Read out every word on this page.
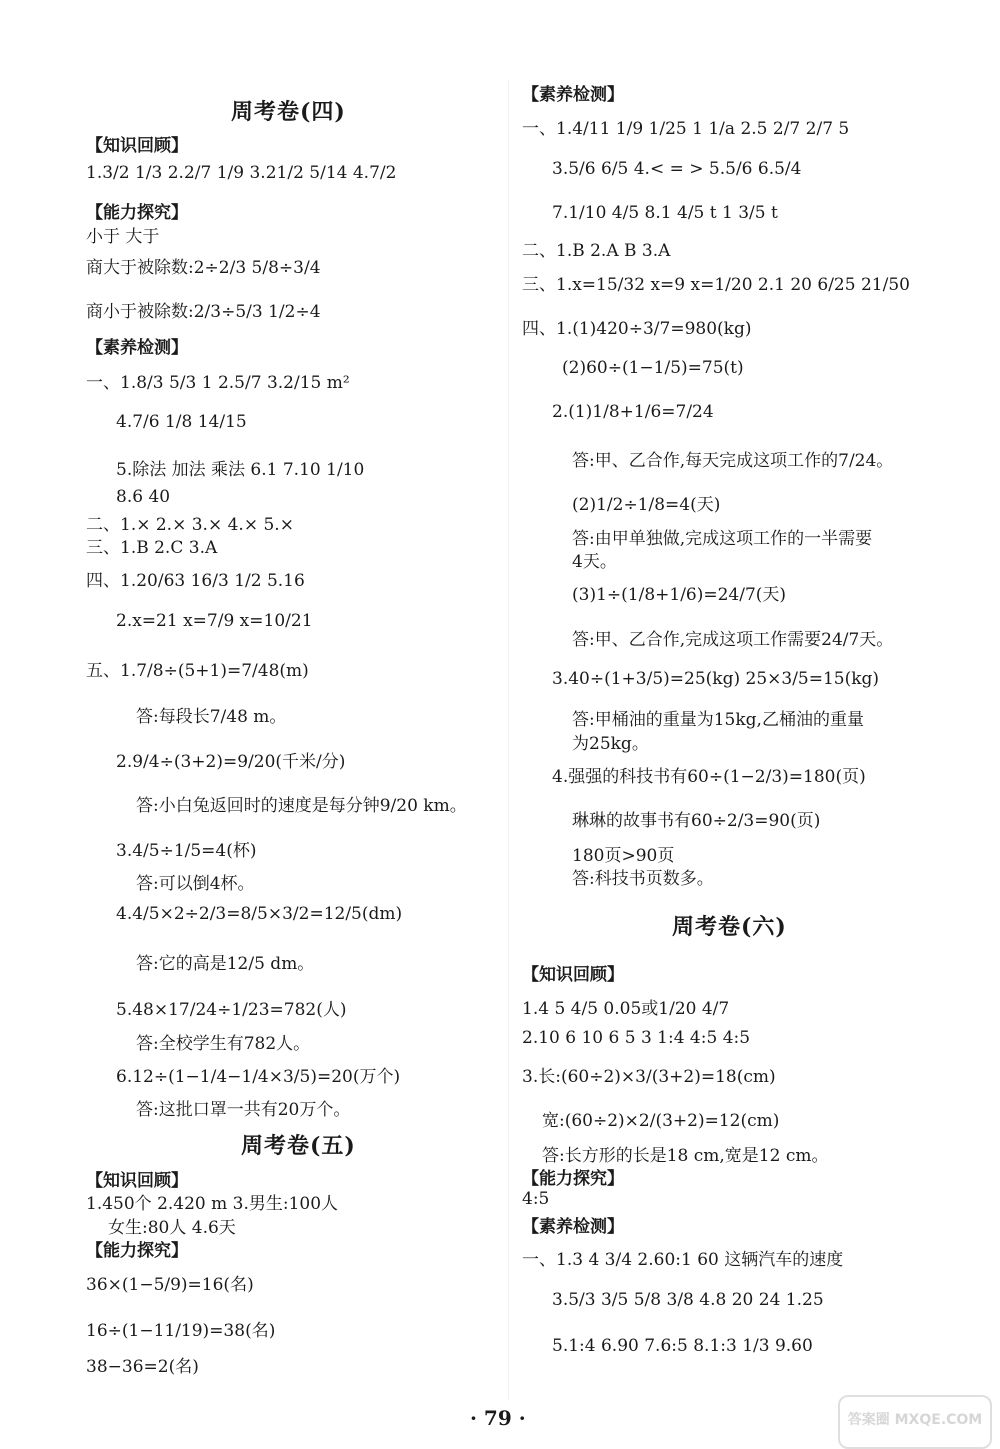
周考卷(四)
【知识回顾】
1.3/2 1/3 2.2/7 1/9 3.21/2 5/14 4.7/2
【能力探究】
小于 大于
商大于被除数:2÷2/3 5/8÷3/4
商小于被除数:2/3÷5/3 1/2÷4
【素养检测】
一、1.8/3 5/3 1 2.5/7 3.2/15 m²
4.7/6 1/8 14/15
5.除法 加法 乘法 6.1 7.10 1/10
8.6 40
二、1.× 2.× 3.× 4.× 5.×
三、1.B 2.C 3.A
四、1.20/63 16/3 1/2 5.16
2.x=21 x=7/9 x=10/21
五、1.7/8÷(5+1)=7/48(m)
答:每段长7/48 m。
2.9/4÷(3+2)=9/20(千米/分)
答:小白兔返回时的速度是每分钟9/20 km。
3.4/5÷1/5=4(杯)
答:可以倒4杯。
4.4/5×2÷2/3=8/5×3/2=12/5(dm)
答:它的高是12/5 dm。
5.48×17/24÷1/23=782(人)
答:全校学生有782人。
6.12÷(1−1/4−1/4×3/5)=20(万个)
答:这批口罩一共有20万个。
周考卷(五)
【知识回顾】
1.450个 2.420 m 3.男生:100人
女生:80人 4.6天
【能力探究】
36×(1−5/9)=16(名)
16÷(1−11/19)=38(名)
38−36=2(名)
【素养检测】
一、1.4/11 1/9 1/25 1 1/a 2.5 2/7 2/7 5
3.5/6 6/5 4.< = > 5.5/6 6.5/4
7.1/10 4/5 8.1 4/5 t 1 3/5 t
二、1.B 2.A B 3.A
三、1.x=15/32 x=9 x=1/20 2.1 20 6/25 21/50
四、1.(1)420÷3/7=980(kg)
(2)60÷(1−1/5)=75(t)
2.(1)1/8+1/6=7/24
答:甲、乙合作,每天完成这项工作的7/24。
(2)1/2÷1/8=4(天)
答:由甲单独做,完成这项工作的一半需要
4天。
(3)1÷(1/8+1/6)=24/7(天)
答:甲、乙合作,完成这项工作需要24/7天。
3.40÷(1+3/5)=25(kg) 25×3/5=15(kg)
答:甲桶油的重量为15kg,乙桶油的重量
为25kg。
4.强强的科技书有60÷(1−2/3)=180(页)
琳琳的故事书有60÷2/3=90(页)
180页>90页
答:科技书页数多。
周考卷(六)
【知识回顾】
1.4 5 4/5 0.05或1/20 4/7
2.10 6 10 6 5 3 1:4 4:5 4:5
3.长:(60÷2)×3/(3+2)=18(cm)
宽:(60÷2)×2/(3+2)=12(cm)
答:长方形的长是18 cm,宽是12 cm。
【能力探究】
4:5
【素养检测】
一、1.3 4 3/4 2.60:1 60 这辆汽车的速度
3.5/3 3/5 5/8 3/8 4.8 20 24 1.25
5.1:4 6.90 7.6:5 8.1:3 1/3 9.60
· 79 ·	答案圈 MXQE.COM
